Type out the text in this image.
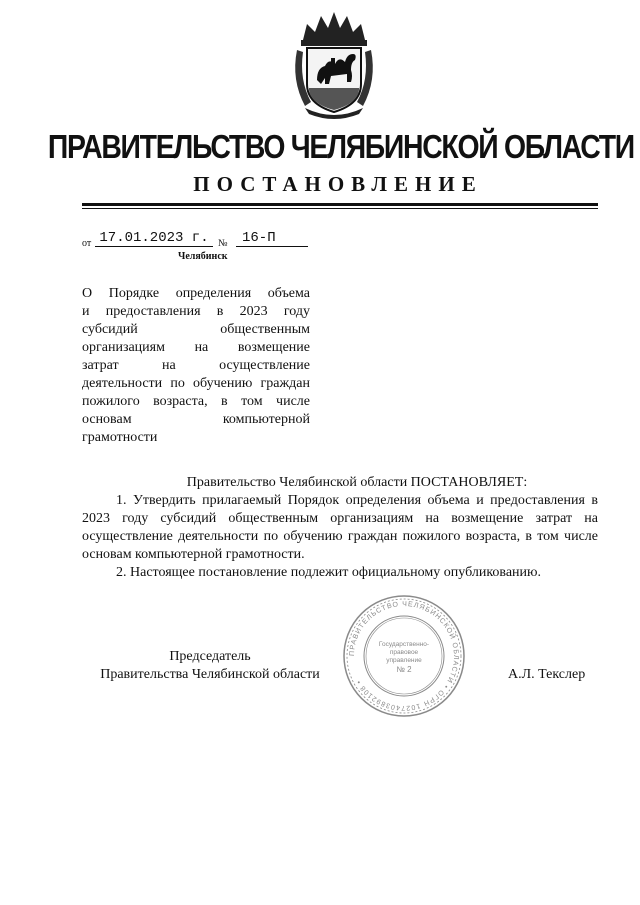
ПРАВИТЕЛЬСТВО ЧЕЛЯБИНСКОЙ ОБЛАСТИ
ПОСТАНОВЛЕНИЕ
от 17.01.2023 г. №	16-П
Челябинск
О Порядке определения объема
и предоставления в 2023 году
субсидий общественным
организациям на возмещение
затрат на осуществление
деятельности по обучению граждан
пожилого возраста, в том числе
основам компьютерной
грамотности
Правительство Челябинской области ПОСТАНОВЛЯЕТ:
1. Утвердить прилагаемый Порядок определения объема и предоставления в 2023 году субсидий общественным организациям на возмещение затрат на осуществление деятельности по обучению граждан пожилого возраста, в том числе основам компьютерной грамотности.
2. Настоящее постановление подлежит официальному опубликованию.
Председатель
Правительства Челябинской области	А.Л. Текслер
ПРАВИТЕЛЬСТВО ЧЕЛЯБИНСКОЙ ОБЛАСТИ • ОГРН 1027403892108 •
Государственно-
правовое
управление
№ 2
